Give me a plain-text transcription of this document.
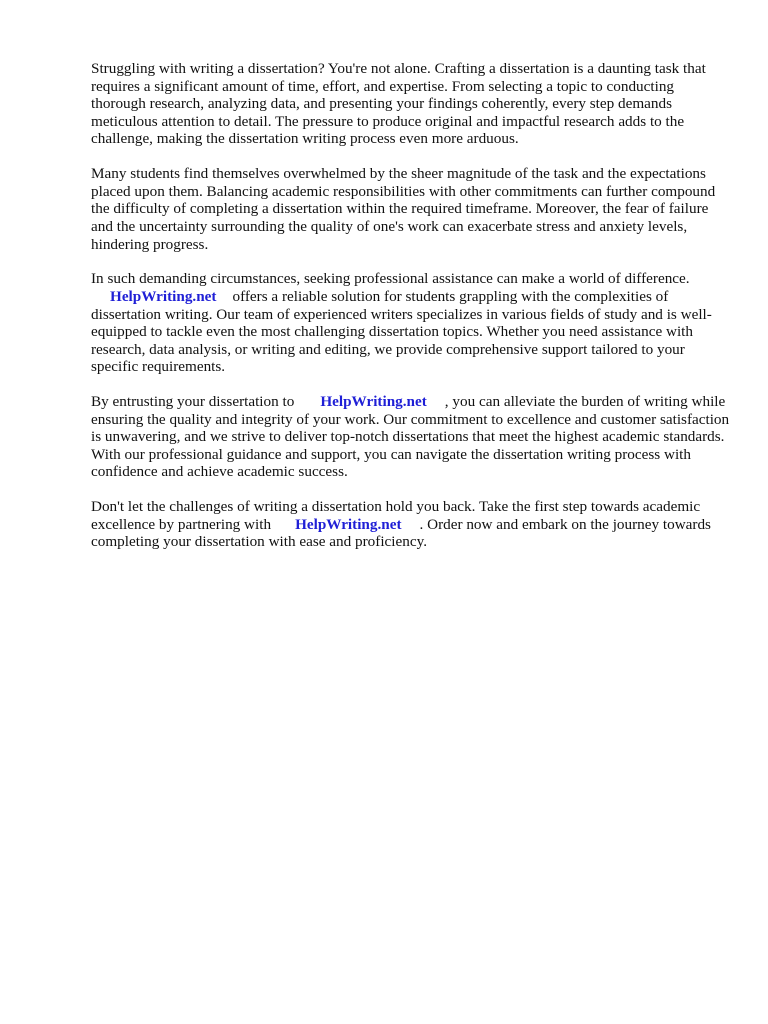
Struggling with writing a dissertation? You're not alone. Crafting a dissertation is a daunting task that requires a significant amount of time, effort, and expertise. From selecting a topic to conducting thorough research, analyzing data, and presenting your findings coherently, every step demands meticulous attention to detail. The pressure to produce original and impactful research adds to the challenge, making the dissertation writing process even more arduous.

Many students find themselves overwhelmed by the sheer magnitude of the task and the expectations placed upon them. Balancing academic responsibilities with other commitments can further compound the difficulty of completing a dissertation within the required timeframe. Moreover, the fear of failure and the uncertainty surrounding the quality of one's work can exacerbate stress and anxiety levels, hindering progress.

In such demanding circumstances, seeking professional assistance can make a world of difference.
HelpWriting.net offers a reliable solution for students grappling with the complexities of dissertation writing. Our team of experienced writers specializes in various fields of study and is well-equipped to tackle even the most challenging dissertation topics. Whether you need assistance with research, data analysis, or writing and editing, we provide comprehensive support tailored to your specific requirements.

By entrusting your dissertation to HelpWriting.net , you can alleviate the burden of writing while ensuring the quality and integrity of your work. Our commitment to excellence and customer satisfaction is unwavering, and we strive to deliver top-notch dissertations that meet the highest academic standards. With our professional guidance and support, you can navigate the dissertation writing process with confidence and achieve academic success.

Don't let the challenges of writing a dissertation hold you back. Take the first step towards academic excellence by partnering with HelpWriting.net . Order now and embark on the journey towards completing your dissertation with ease and proficiency.
